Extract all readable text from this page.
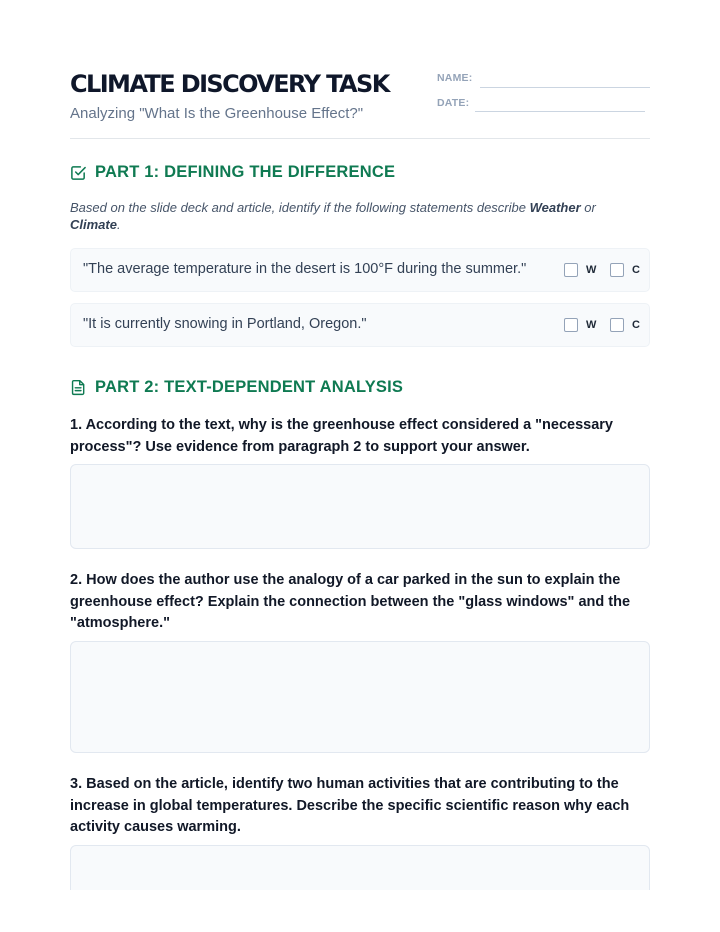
CLIMATE DISCOVERY TASK
Analyzing "What Is the Greenhouse Effect?"
NAME:
DATE:
PART 1: DEFINING THE DIFFERENCE
Based on the slide deck and article, identify if the following statements describe Weather or Climate.
"The average temperature in the desert is 100°F during the summer."	W	C
"It is currently snowing in Portland, Oregon."	W	C
PART 2: TEXT-DEPENDENT ANALYSIS
1. According to the text, why is the greenhouse effect considered a "necessary process"? Use evidence from paragraph 2 to support your answer.
2. How does the author use the analogy of a car parked in the sun to explain the greenhouse effect? Explain the connection between the "glass windows" and the "atmosphere."
3. Based on the article, identify two human activities that are contributing to the increase in global temperatures. Describe the specific scientific reason why each activity causes warming.
